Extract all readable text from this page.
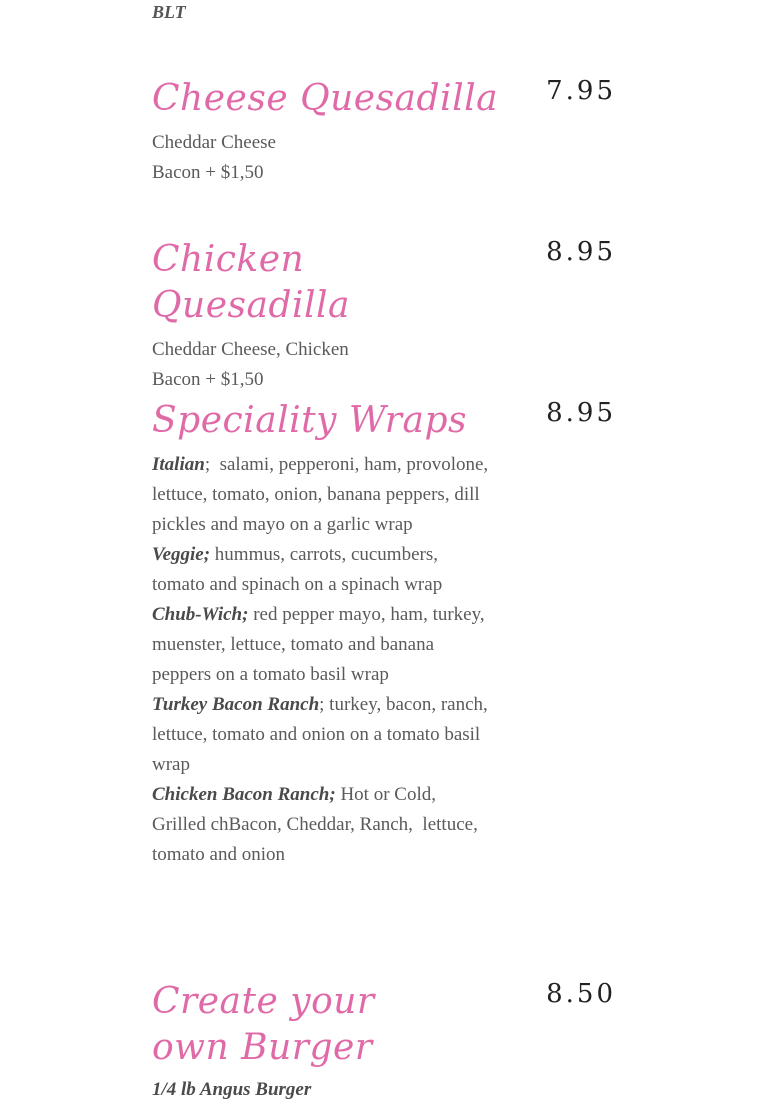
BLT
Cheese Quesadilla	7.95

Cheddar Cheese

Bacon + $1,50

Chicken Quesadilla
8.95

Cheddar Cheese, Chicken

Bacon + $1,50

Speciality Wraps	8.95

Italian;  salami, pepperoni, ham, provolone, lettuce, tomato, onion, banana peppers, dill pickles and mayo on a garlic wrap

Veggie; hummus, carrots, cucumbers, tomato and spinach on a spinach wrap

Chub-Wich; red pepper mayo, ham, turkey, muenster, lettuce, tomato and banana peppers on a tomato basil wrap

Turkey Bacon Ranch; turkey, bacon, ranch, lettuce, tomato and onion on a tomato basil wrap

Chicken Bacon Ranch; Hot or Cold, Grilled chBacon, Cheddar, Ranch,  lettuce, tomato and onion

Create your own Burger
8.50

1/4 lb Angus Burger
